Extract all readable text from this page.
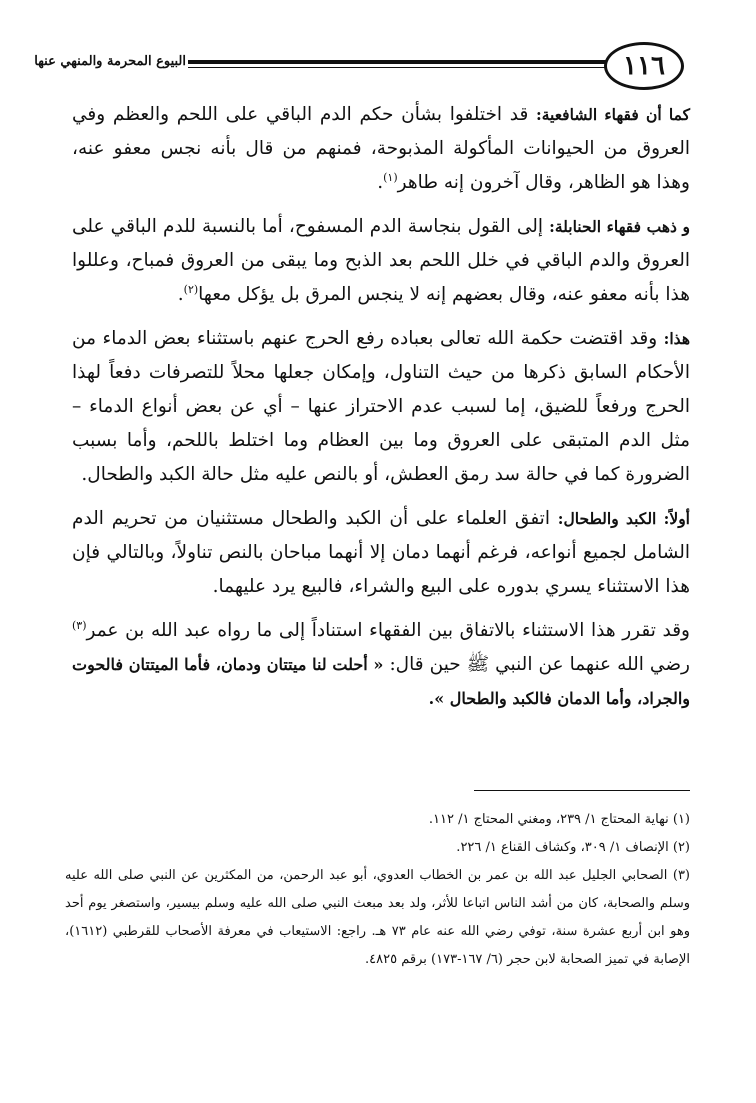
١١٦
البيوع المحرمة والمنهي عنها

كما أن فقهاء الشافعية: قد اختلفوا بشأن حكم الدم الباقي على اللحم والعظم وفي العروق من الحيوانات المأكولة المذبوحة، فمنهم من قال بأنه نجس معفو عنه، وهذا هو الظاهر، وقال آخرون إنه طاهر$^{(١)}$.

و ذهب فقهاء الحنابلة: إلى القول بنجاسة الدم المسفوح، أما بالنسبة للدم الباقي على العروق والدم الباقي في خلل اللحم بعد الذبح وما يبقى من العروق فمباح، وعللوا هذا بأنه معفو عنه، وقال بعضهم إنه لا ينجس المرق بل يؤكل معها$^{(٢)}$.

هذا: وقد اقتضت حكمة الله تعالى بعباده رفع الحرج عنهم باستثناء بعض الدماء من الأحكام السابق ذكرها من حيث التناول، وإمكان جعلها محلاً للتصرفات دفعاً لهذا الحرج ورفعاً للضيق، إما لسبب عدم الاحتراز عنها – أي عن بعض أنواع الدماء – مثل الدم المتبقى على العروق وما بين العظام وما اختلط باللحم، وأما بسبب الضرورة كما في حالة سد رمق العطش، أو بالنص عليه مثل حالة الكبد والطحال.

أولاً: الكبد والطحال: اتفق العلماء على أن الكبد والطحال مستثنيان من تحريم الدم الشامل لجميع أنواعه، فرغم أنهما دمان إلا أنهما مباحان بالنص تناولاً، وبالتالي فإن هذا الاستثناء يسري بدوره على البيع والشراء، فالبيع يرد عليهما.

وقد تقرر هذا الاستثناء بالاتفاق بين الفقهاء استناداً إلى ما رواه عبد الله بن عمر$^{(٣)}$ رضي الله عنهما عن النبي ﷺ حين قال: « أحلت لنا ميتتان ودمان، فأما الميتتان فالحوت والجراد، وأما الدمان فالكبد والطحال ».

(١) نهاية المحتاج ١/ ٢٣٩، ومغني المحتاج ١/ ١١٢.

(٢) الإنصاف ١/ ٣٠٩، وكشاف القناع ١/ ٢٢٦.

(٣) الصحابي الجليل عبد الله بن عمر بن الخطاب العدوي، أبو عبد الرحمن، من المكثرين عن النبي صلى الله عليه وسلم والصحابة، كان من أشد الناس اتباعا للأثر، ولد بعد مبعث النبي صلى الله عليه وسلم بيسير، واستصغر يوم أحد وهو ابن أربع عشرة سنة، توفي رضي الله عنه عام ٧٣ هـ. راجع: الاستيعاب في معرفة الأصحاب للقرطبي (١٦١٢)، الإصابة في تميز الصحابة لابن حجر (٦/ ١٦٧-١٧٣) برقم ٤٨٢٥.
